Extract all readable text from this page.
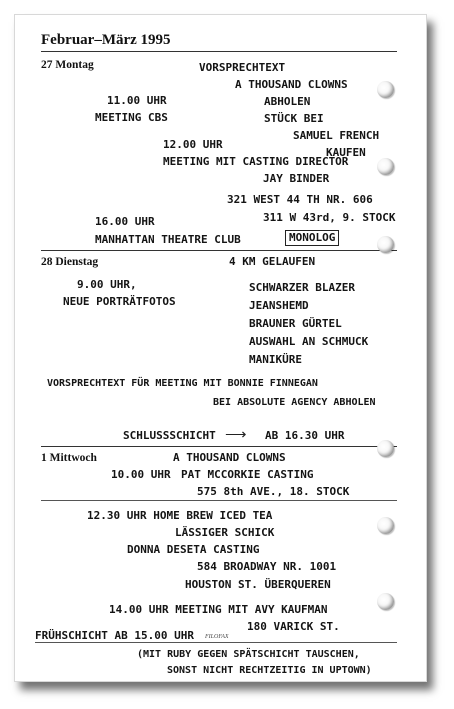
Februar–März 1995
27 Montag	VORSPRECHTEXT
A THOUSAND CLOWNS
ABHOLEN
STÜCK BEI
SAMUEL FRENCH
KAUFEN
11.00 UHR
MEETING CBS
12.00 UHR
MEETING MIT CASTING DIRECTOR
JAY BINDER
321 WEST 44 TH NR. 606
311 W 43rd, 9. STOCK
16.00 UHR
MANHATTAN THEATRE CLUB	MONOLOG
28 Dienstag	4 KM GELAUFEN
9.00 UHR,
NEUE PORTRÄTFOTOS
SCHWARZER BLAZER
JEANSHEMD
BRAUNER GÜRTEL
AUSWAHL AN SCHMUCK
MANIKÜRE
VORSPRECHTEXT FÜR MEETING MIT BONNIE FINNEGAN
BEI ABSOLUTE AGENCY ABHOLEN
SCHLUSSSCHICHT ⟶ AB 16.30 UHR
1 Mittwoch	A THOUSAND CLOWNS
10.00 UHR PAT MCCORKIE CASTING
575 8th AVE., 18. STOCK
12.30 UHR HOME BREW ICED TEA
LÄSSIGER SCHICK
DONNA DESETA CASTING
584 BROADWAY NR. 1001
HOUSTON ST. ÜBERQUEREN
14.00 UHR MEETING MIT AVY KAUFMAN
180 VARICK ST.
FRÜHSCHICHT AB 15.00 UHR FILOFAX
(MIT RUBY GEGEN SPÄTSCHICHT TAUSCHEN,
SONST NICHT RECHTZEITIG IN UPTOWN)
